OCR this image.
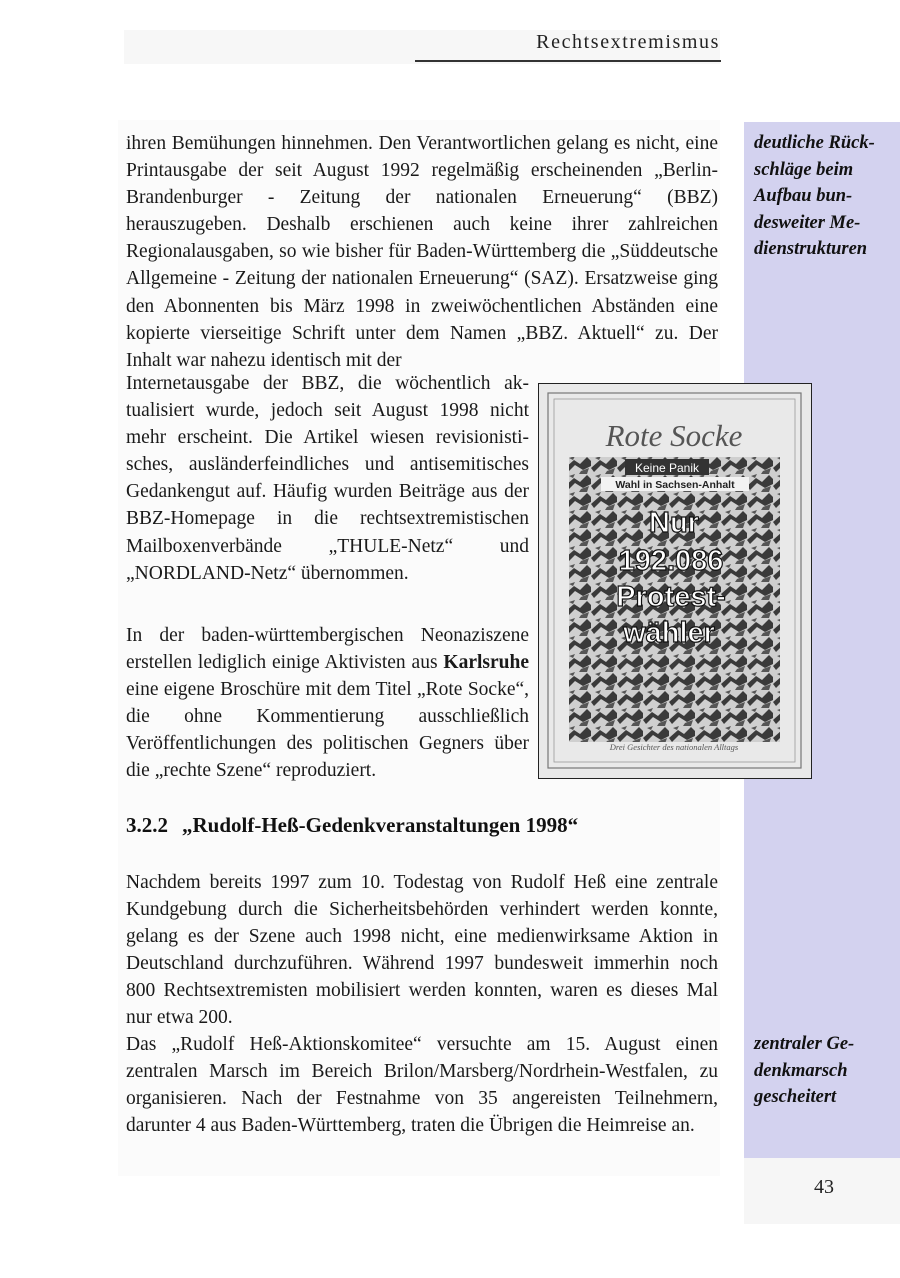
Rechtsextremismus
deutliche Rück-
schläge beim
Aufbau bun-
desweiter Me-
dienstrukturen
zentraler Ge-
denkmarsch
gescheitert

ihren Bemühungen hinnehmen. Den Verantwortlichen gelang es nicht, eine Printausgabe der seit August 1992 regelmäßig erscheinenden „Berlin-Brandenburger - Zeitung der nationalen Erneuerung“ (BBZ) herauszugeben. Deshalb erschienen auch keine ihrer zahlreichen Regionalausgaben, so wie bisher für Baden-Württemberg die „Süddeutsche Allgemeine - Zeitung der nationalen Erneuerung“ (SAZ). Ersatzweise ging den Abonnenten bis März 1998 in zweiwöchentlichen Abständen eine kopierte vierseitige Schrift unter dem Namen „BBZ. Aktuell“ zu. Der Inhalt war nahezu identisch mit der

Internetausgabe der BBZ, die wöchentlich aktualisiert wurde, jedoch seit August 1998 nicht mehr erscheint. Die Artikel wiesen revisionistisches, ausländerfeindliches und antisemitisches Gedankengut auf. Häufig wurden Beiträge aus der BBZ-Homepage in die rechtsextremistischen Mailboxenverbände „THULE-Netz“ und „NORDLAND-Netz“ übernommen.

In der baden-württembergischen Neonaziszene erstellen lediglich einige Aktivisten aus Karlsruhe eine eigene Broschüre mit dem Titel „Rote Socke“, die ohne Kommentierung ausschließlich Veröffentlichungen des politischen Gegners über die „rechte Szene“ reproduziert.

3.2.2 „Rudolf-Heß-Gedenkveranstaltungen 1998“

Nachdem bereits 1997 zum 10. Todestag von Rudolf Heß eine zentrale Kundgebung durch die Sicherheitsbehörden verhindert werden konnte, gelang es der Szene auch 1998 nicht, eine medienwirksame Aktion in Deutschland durchzuführen. Während 1997 bundesweit immerhin noch 800 Rechtsextremisten mobilisiert werden konnten, waren es dieses Mal nur etwa 200.

Das „Rudolf Heß-Aktionskomitee“ versuchte am 15. August einen zentralen Marsch im Bereich Brilon/Marsberg/Nordrhein-Westfalen, zu organisieren. Nach der Festnahme von 35 angereisten Teilnehmern, darunter 4 aus Baden-Württemberg, traten die Übrigen die Heimreise an.

Rote Socke
Keine Panik
Wahl in Sachsen-Anhalt
Nur
192.086
Protest-
wähler
Drei Gesichter des nationalen Alltags
43
